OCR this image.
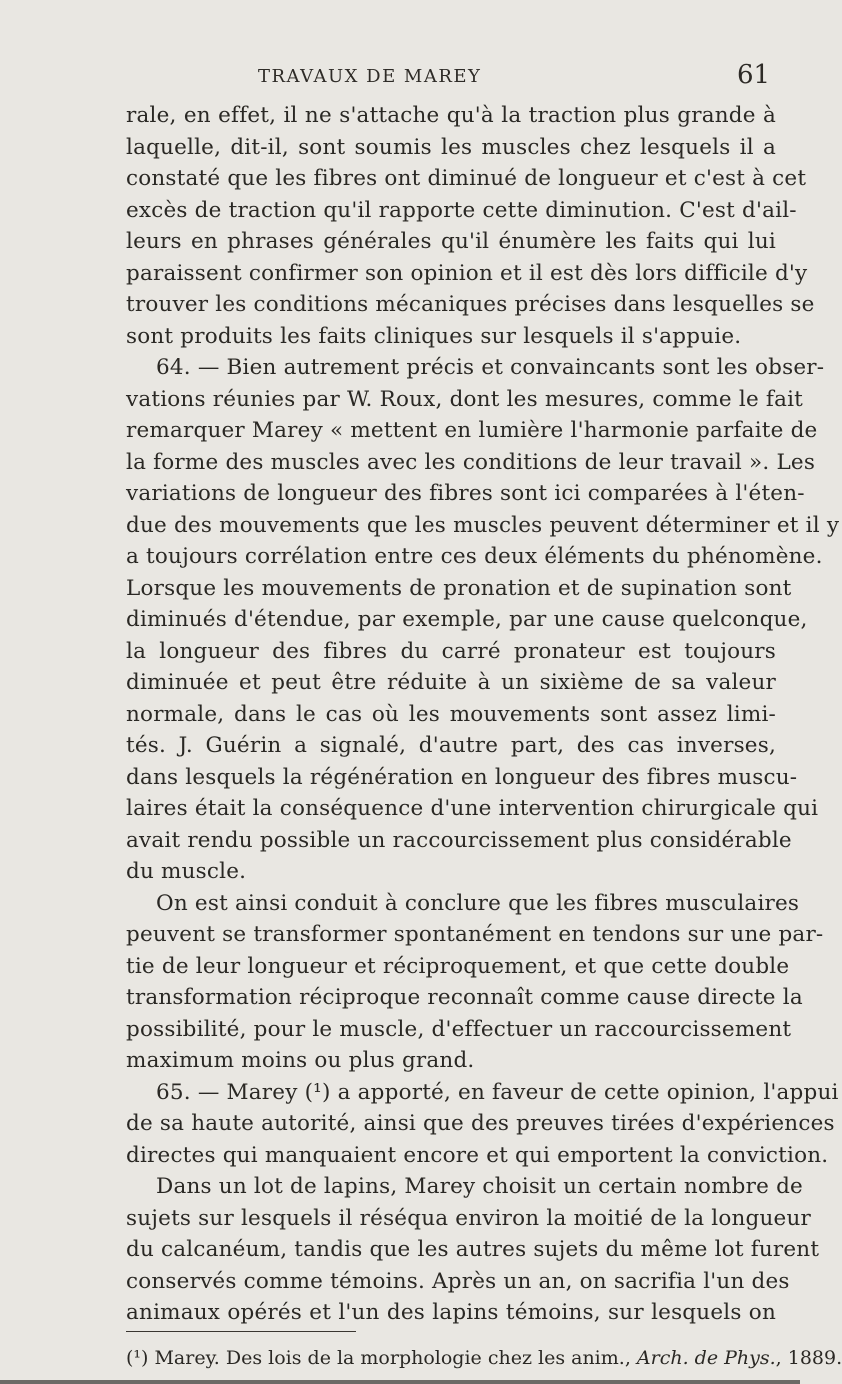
TRAVAUX DE MAREY	61
rale, en effet, il ne s'attache qu'à la traction plus grande à
laquelle, dit-il, sont soumis les muscles chez lesquels il a
constaté que les fibres ont diminué de longueur et c'est à cet
excès de traction qu'il rapporte cette diminution. C'est d'ail-
leurs en phrases générales qu'il énumère les faits qui lui
paraissent confirmer son opinion et il est dès lors difficile d'y
trouver les conditions mécaniques précises dans lesquelles se
sont produits les faits cliniques sur lesquels il s'appuie.
64. — Bien autrement précis et convaincants sont les obser-
vations réunies par W. Roux, dont les mesures, comme le fait
remarquer Marey « mettent en lumière l'harmonie parfaite de
la forme des muscles avec les conditions de leur travail ». Les
variations de longueur des fibres sont ici comparées à l'éten-
due des mouvements que les muscles peuvent déterminer et il y
a toujours corrélation entre ces deux éléments du phénomène.
Lorsque les mouvements de pronation et de supination sont
diminués d'étendue, par exemple, par une cause quelconque,
la longueur des fibres du carré pronateur est toujours
diminuée et peut être réduite à un sixième de sa valeur
normale, dans le cas où les mouvements sont assez limi-
tés. J. Guérin a signalé, d'autre part, des cas inverses,
dans lesquels la régénération en longueur des fibres muscu-
laires était la conséquence d'une intervention chirurgicale qui
avait rendu possible un raccourcissement plus considérable
du muscle.
On est ainsi conduit à conclure que les fibres musculaires
peuvent se transformer spontanément en tendons sur une par-
tie de leur longueur et réciproquement, et que cette double
transformation réciproque reconnaît comme cause directe la
possibilité, pour le muscle, d'effectuer un raccourcissement
maximum moins ou plus grand.
65. — Marey (¹) a apporté, en faveur de cette opinion, l'appui
de sa haute autorité, ainsi que des preuves tirées d'expériences
directes qui manquaient encore et qui emportent la conviction.
Dans un lot de lapins, Marey choisit un certain nombre de
sujets sur lesquels il réséqua environ la moitié de la longueur
du calcanéum, tandis que les autres sujets du même lot furent
conservés comme témoins. Après un an, on sacrifia l'un des
animaux opérés et l'un des lapins témoins, sur lesquels on
(¹) Marey. Des lois de la morphologie chez les anim., Arch. de Phys., 1889.
